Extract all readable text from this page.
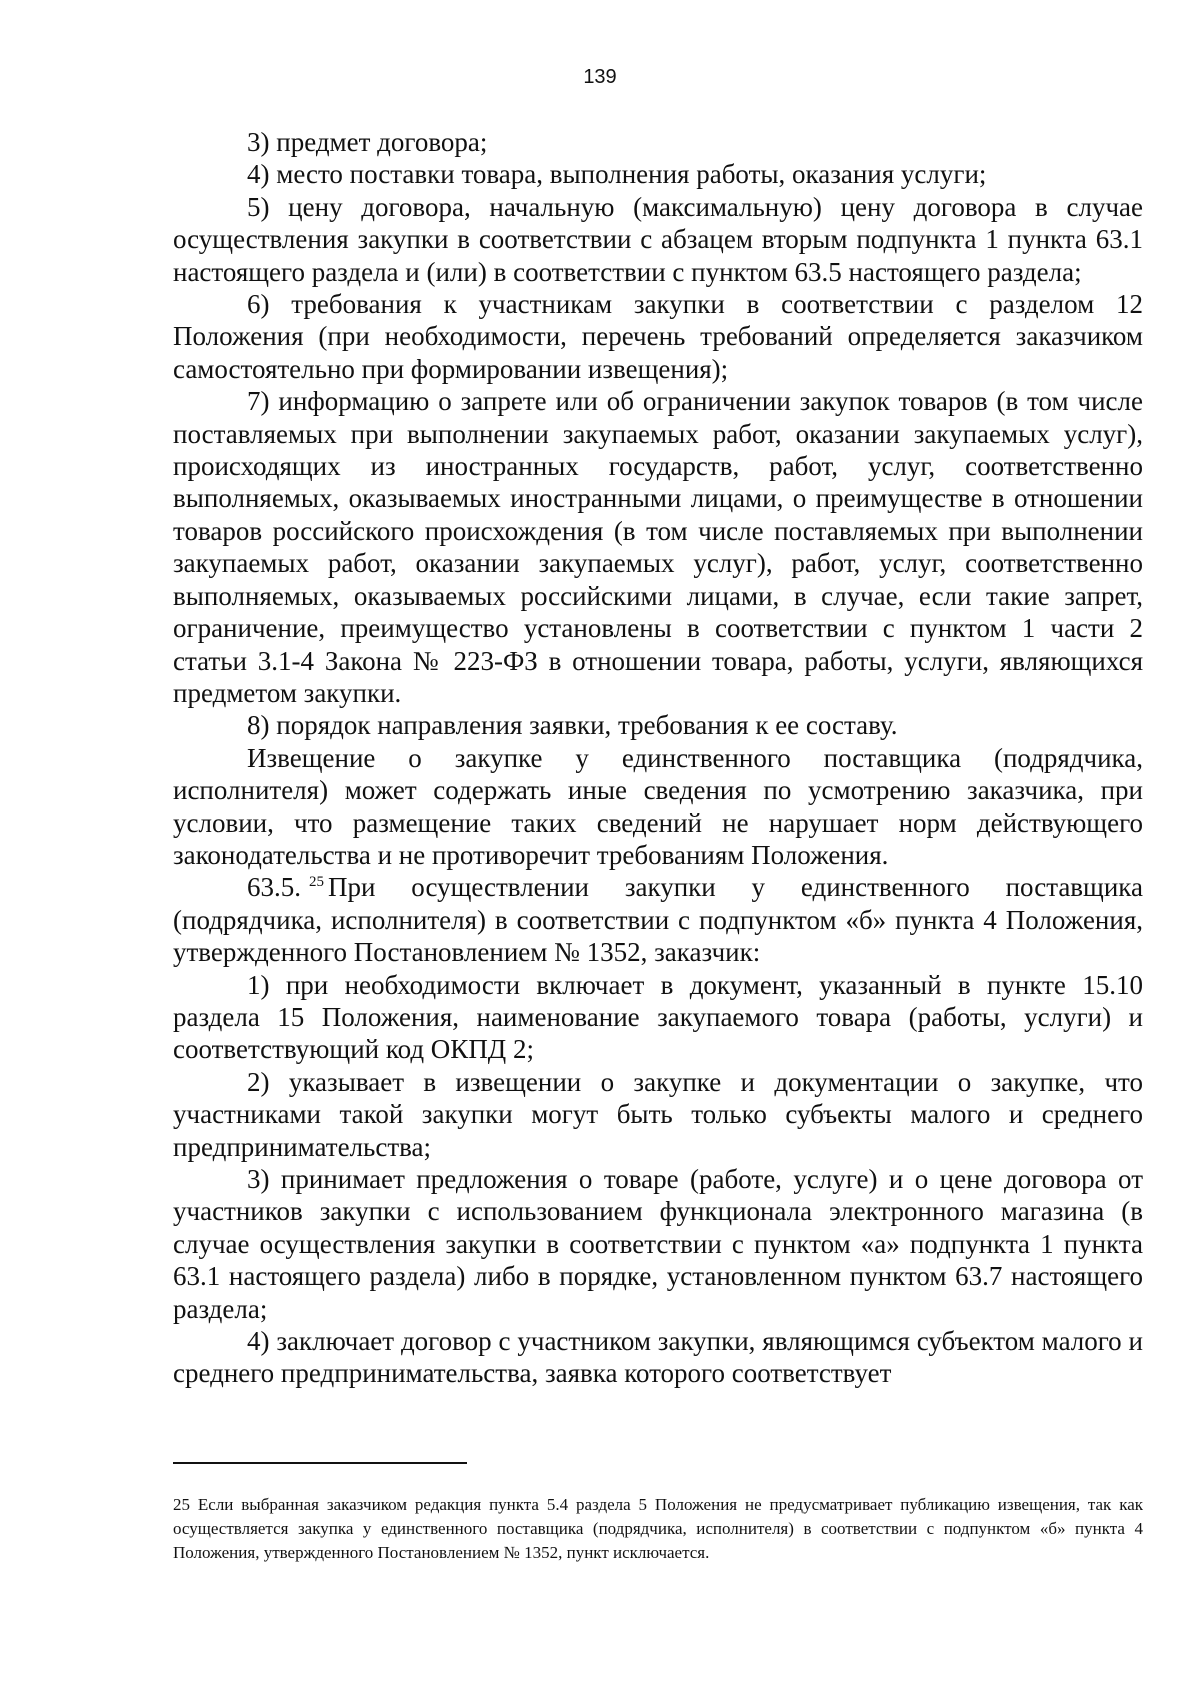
139

3) предмет договора;

4) место поставки товара, выполнения работы, оказания услуги;

5) цену договора, начальную (максимальную) цену договора в случае осуществления закупки в соответствии с абзацем вторым подпункта 1 пункта 63.1 настоящего раздела и (или) в соответствии с пунктом 63.5 настоящего раздела;

6) требования к участникам закупки в соответствии с разделом 12 Положения (при необходимости, перечень требований определяется заказчиком самостоятельно при формировании извещения);

7) информацию о запрете или об ограничении закупок товаров (в том числе поставляемых при выполнении закупаемых работ, оказании закупаемых услуг), происходящих из иностранных государств, работ, услуг, соответственно выполняемых, оказываемых иностранными лицами, о преимуществе в отношении товаров российского происхождения (в том числе поставляемых при выполнении закупаемых работ, оказании закупаемых услуг), работ, услуг, соответственно выполняемых, оказываемых российскими лицами, в случае, если такие запрет, ограничение, преимущество установлены в соответствии с пунктом 1 части 2 статьи 3.1-4 Закона № 223-ФЗ в отношении товара, работы, услуги, являющихся предметом закупки.

8) порядок направления заявки, требования к ее составу.

Извещение о закупке у единственного поставщика (подрядчика, исполнителя) может содержать иные сведения по усмотрению заказчика, при условии, что размещение таких сведений не нарушает норм действующего законодательства и не противоречит требованиям Положения.

63.5. $^{25}$ При осуществлении закупки у единственного поставщика (подрядчика, исполнителя) в соответствии с подпунктом «б» пункта 4 Положения, утвержденного Постановлением № 1352, заказчик:

1) при необходимости включает в документ, указанный в пункте 15.10 раздела 15 Положения, наименование закупаемого товара (работы, услуги) и соответствующий код ОКПД 2;

2) указывает в извещении о закупке и документации о закупке, что участниками такой закупки могут быть только субъекты малого и среднего предпринимательства;

3) принимает предложения о товаре (работе, услуге) и о цене договора от участников закупки с использованием функционала электронного магазина (в случае осуществления закупки в соответствии с пунктом «а» подпункта 1 пункта 63.1 настоящего раздела) либо в порядке, установленном пунктом 63.7 настоящего раздела;

4) заключает договор с участником закупки, являющимся субъектом малого и среднего предпринимательства, заявка которого соответствует

25 Если выбранная заказчиком редакция пункта 5.4 раздела 5 Положения не предусматривает публикацию извещения, так как осуществляется закупка у единственного поставщика (подрядчика, исполнителя) в соответствии с подпунктом «б» пункта 4 Положения, утвержденного Постановлением № 1352, пункт исключается.
